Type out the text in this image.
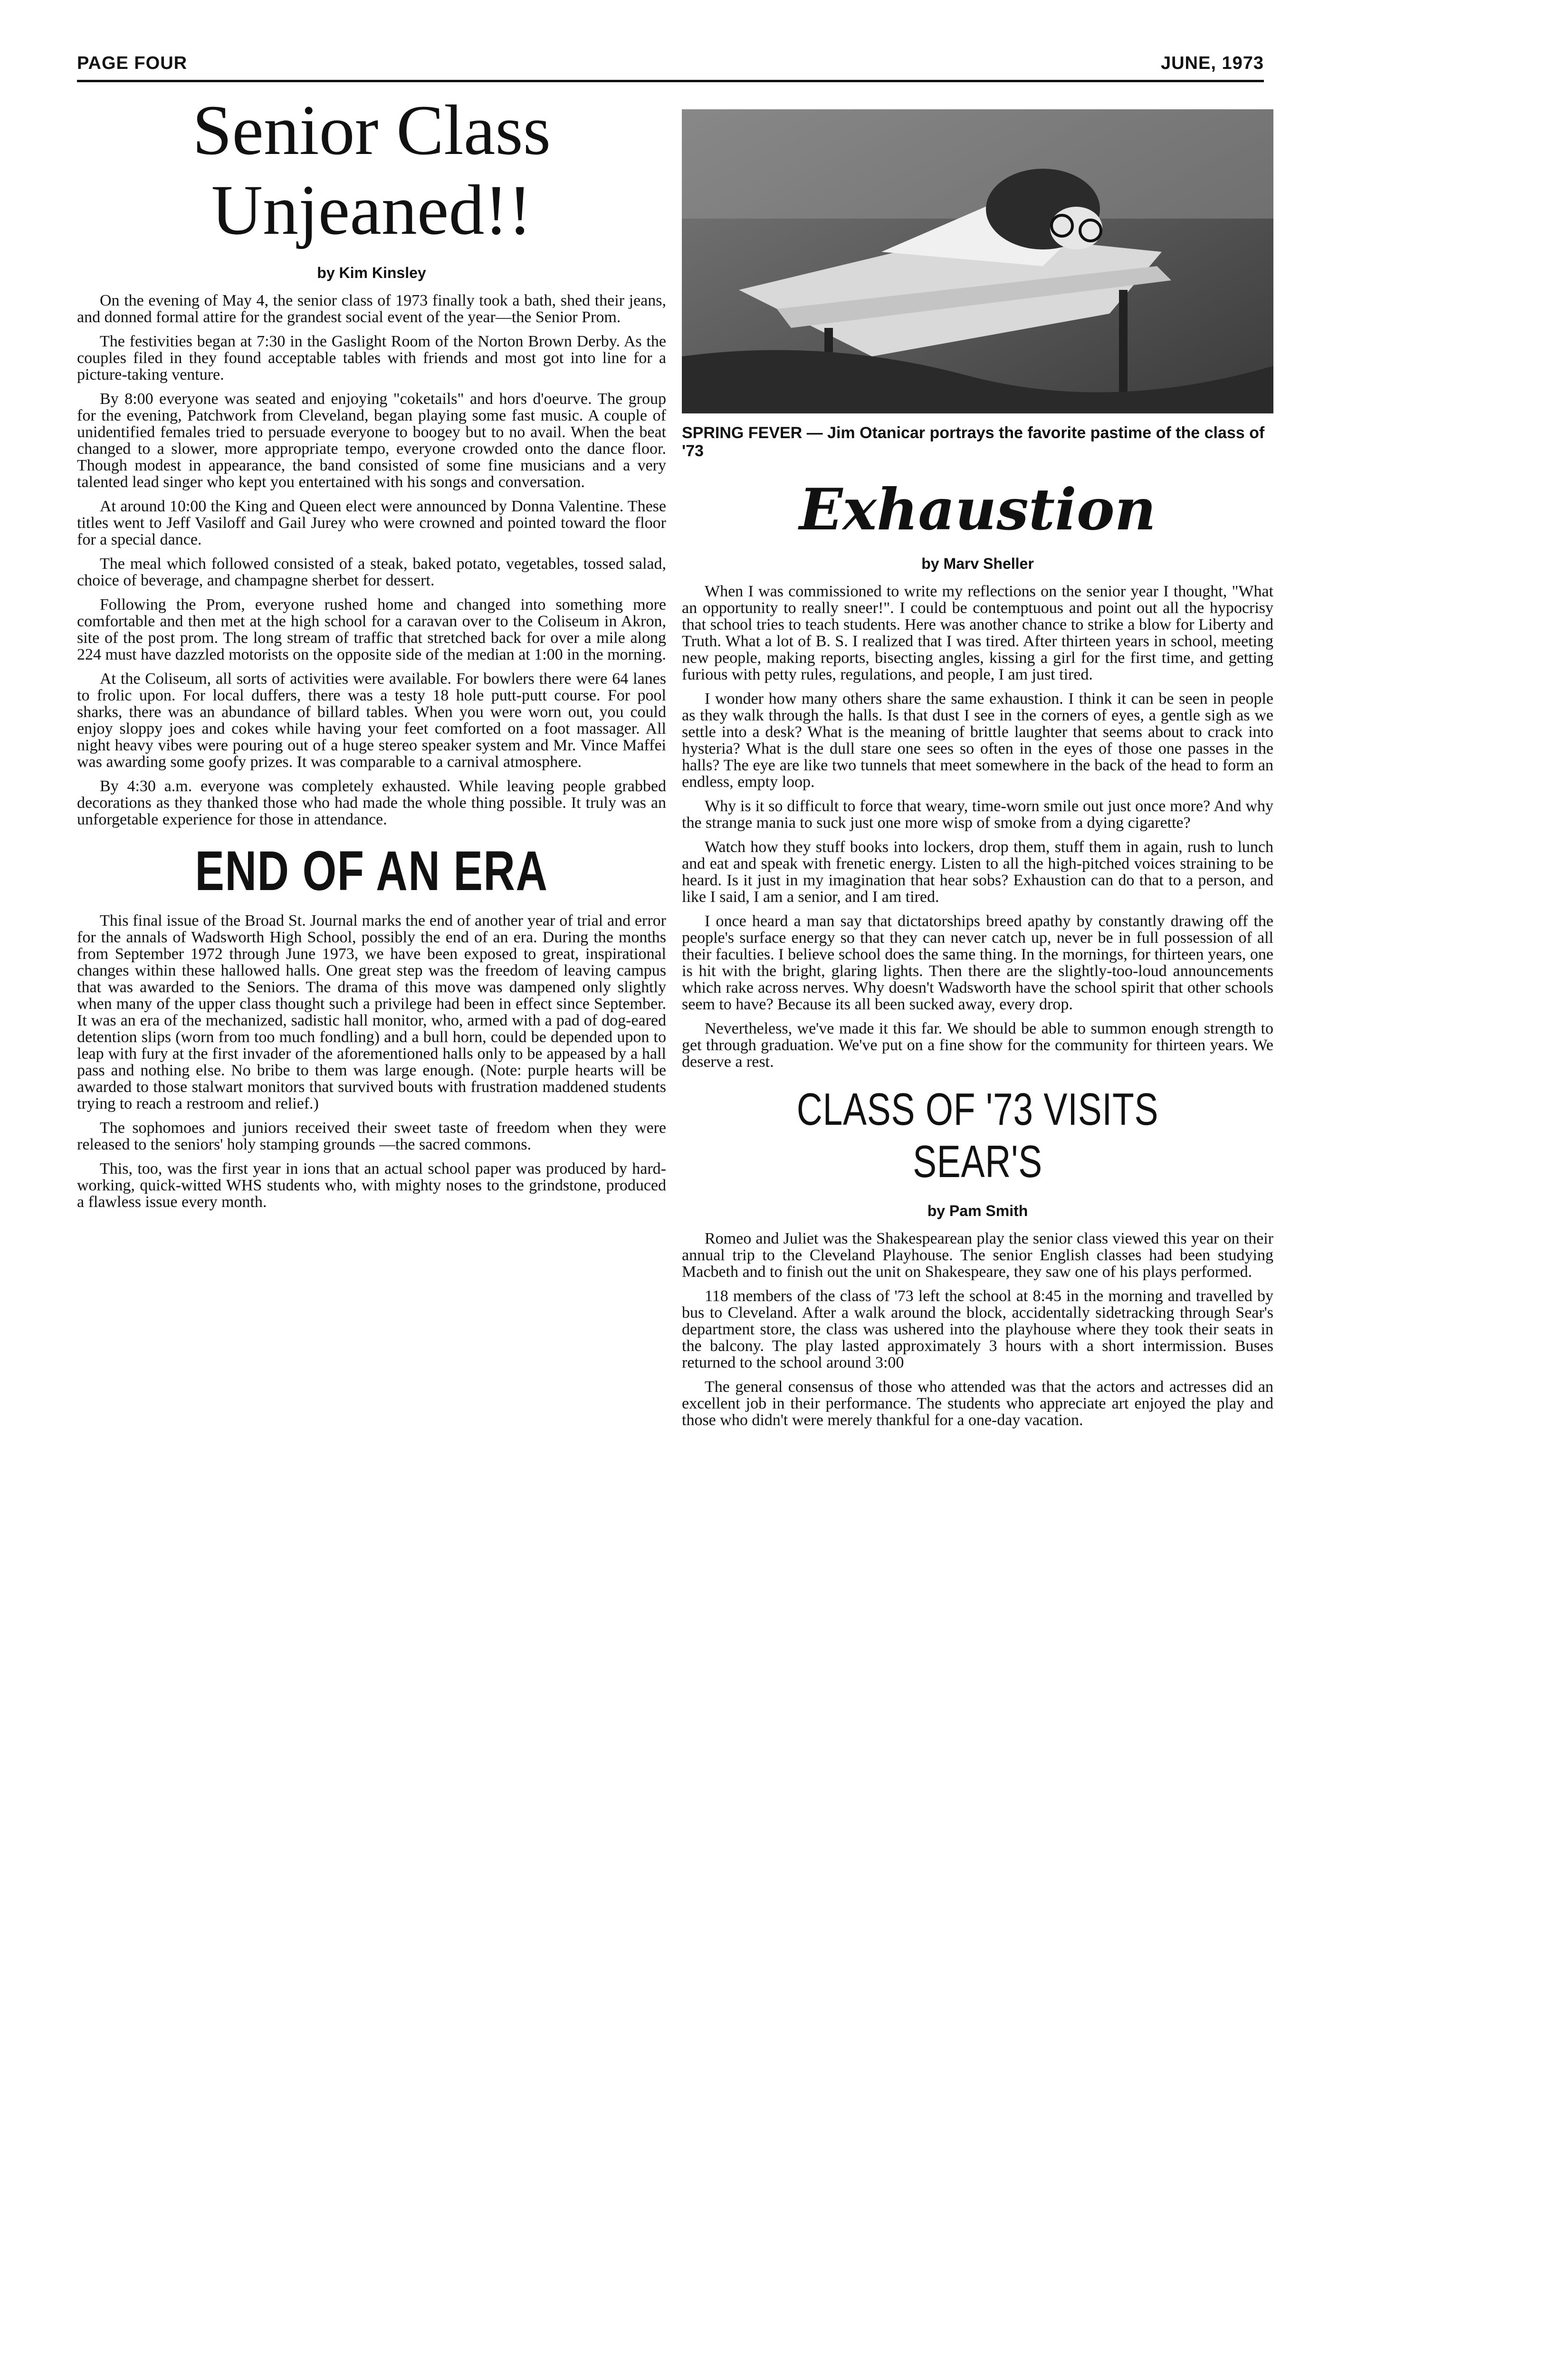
PAGE FOUR	JUNE, 1973
Senior Class
Unjeaned!!
by Kim Kinsley

On the evening of May 4, the senior class of 1973 finally took a bath, shed their jeans, and donned formal attire for the grandest social event of the year—the Senior Prom.

The festivities began at 7:30 in the Gaslight Room of the Norton Brown Derby. As the couples filed in they found acceptable tables with friends and most got into line for a picture-taking venture.

By 8:00 everyone was seated and enjoying "coketails" and hors d'oeurve. The group for the evening, Patchwork from Cleveland, began playing some fast music. A couple of unidentified females tried to persuade everyone to boogey but to no avail. When the beat changed to a slower, more appropriate tempo, everyone crowded onto the dance floor. Though modest in appearance, the band consisted of some fine musicians and a very talented lead singer who kept you entertained with his songs and conversation.

At around 10:00 the King and Queen elect were announced by Donna Valentine. These titles went to Jeff Vasiloff and Gail Jurey who were crowned and pointed toward the floor for a special dance.

The meal which followed consisted of a steak, baked potato, vegetables, tossed salad, choice of beverage, and champagne sherbet for dessert.

Following the Prom, everyone rushed home and changed into something more comfortable and then met at the high school for a caravan over to the Coliseum in Akron, site of the post prom. The long stream of traffic that stretched back for over a mile along 224 must have dazzled motorists on the opposite side of the median at 1:00 in the morning.

At the Coliseum, all sorts of activities were available. For bowlers there were 64 lanes to frolic upon. For local duffers, there was a testy 18 hole putt-putt course. For pool sharks, there was an abundance of billard tables. When you were worn out, you could enjoy sloppy joes and cokes while having your feet comforted on a foot massager. All night heavy vibes were pouring out of a huge stereo speaker system and Mr. Vince Maffei was awarding some goofy prizes. It was comparable to a carnival atmosphere.

By 4:30 a.m. everyone was completely exhausted. While leaving people grabbed decorations as they thanked those who had made the whole thing possible. It truly was an unforgetable experience for those in attendance.

END OF AN ERA

This final issue of the Broad St. Journal marks the end of another year of trial and error for the annals of Wadsworth High School, possibly the end of an era. During the months from September 1972 through June 1973, we have been exposed to great, inspirational changes within these hallowed halls. One great step was the freedom of leaving campus that was awarded to the Seniors. The drama of this move was dampened only slightly when many of the upper class thought such a privilege had been in effect since September. It was an era of the mechanized, sadistic hall monitor, who, armed with a pad of dog-eared detention slips (worn from too much fondling) and a bull horn, could be depended upon to leap with fury at the first invader of the aforementioned halls only to be appeased by a hall pass and nothing else. No bribe to them was large enough. (Note: purple hearts will be awarded to those stalwart monitors that survived bouts with frustration maddened students trying to reach a restroom and relief.)

The sophomoes and juniors received their sweet taste of freedom when they were released to the seniors' holy stamping grounds —the sacred commons.

This, too, was the first year in ions that an actual school paper was produced by hard-working, quick-witted WHS students who, with mighty noses to the grindstone, produced a flawless issue every month.

SPRING FEVER — Jim Otanicar portrays the favorite pastime of the class of '73

Exhaustion
by Marv Sheller

When I was commissioned to write my reflections on the senior year I thought, "What an opportunity to really sneer!". I could be contemptuous and point out all the hypocrisy that school tries to teach students. Here was another chance to strike a blow for Liberty and Truth. What a lot of B. S. I realized that I was tired. After thirteen years in school, meeting new people, making reports, bisecting angles, kissing a girl for the first time, and getting furious with petty rules, regulations, and people, I am just tired.

I wonder how many others share the same exhaustion. I think it can be seen in people as they walk through the halls. Is that dust I see in the corners of eyes, a gentle sigh as we settle into a desk? What is the meaning of brittle laughter that seems about to crack into hysteria? What is the dull stare one sees so often in the eyes of those one passes in the halls? The eye are like two tunnels that meet somewhere in the back of the head to form an endless, empty loop.

Why is it so difficult to force that weary, time-worn smile out just once more? And why the strange mania to suck just one more wisp of smoke from a dying cigarette?

Watch how they stuff books into lockers, drop them, stuff them in again, rush to lunch and eat and speak with frenetic energy. Listen to all the high-pitched voices straining to be heard. Is it just in my imagination that hear sobs? Exhaustion can do that to a person, and like I said, I am a senior, and I am tired.

I once heard a man say that dictatorships breed apathy by constantly drawing off the people's surface energy so that they can never catch up, never be in full possession of all their faculties. I believe school does the same thing. In the mornings, for thirteen years, one is hit with the bright, glaring lights. Then there are the slightly-too-loud announcements which rake across nerves. Why doesn't Wadsworth have the school spirit that other schools seem to have? Because its all been sucked away, every drop.

Nevertheless, we've made it this far. We should be able to summon enough strength to get through graduation. We've put on a fine show for the community for thirteen years. We deserve a rest.

CLASS OF '73 VISITS SEAR'S
by Pam Smith

Romeo and Juliet was the Shakespearean play the senior class viewed this year on their annual trip to the Cleveland Playhouse. The senior English classes had been studying Macbeth and to finish out the unit on Shakespeare, they saw one of his plays performed.

118 members of the class of '73 left the school at 8:45 in the morning and travelled by bus to Cleveland. After a walk around the block, accidentally sidetracking through Sear's department store, the class was ushered into the playhouse where they took their seats in the balcony. The play lasted approximately 3 hours with a short intermission. Buses returned to the school around 3:00

The general consensus of those who attended was that the actors and actresses did an excellent job in their performance. The students who appreciate art enjoyed the play and those who didn't were merely thankful for a one-day vacation.
